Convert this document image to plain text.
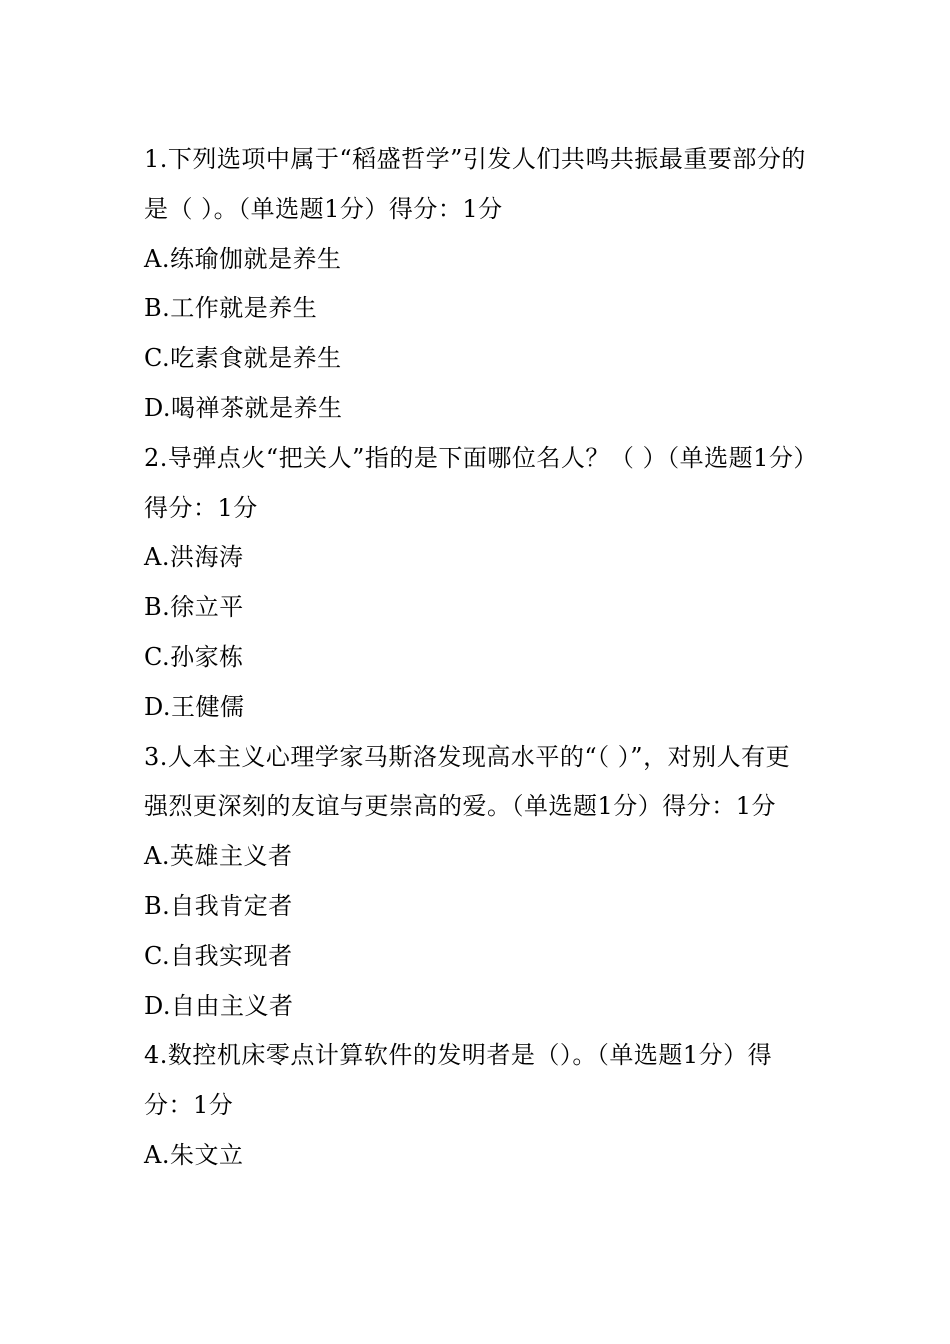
1.下列选项中属于“稻盛哲学”引发人们共鸣共振最重要部分的是（ ）。（单选题1分）得分：1分

A.练瑜伽就是养生

B.工作就是养生

C.吃素食就是养生

D.喝禅茶就是养生

2.导弹点火“把关人”指的是下面哪位名人？（ ）（单选题1分）得分：1分

A.洪海涛

B.徐立平

C.孙家栋

D.王健儒

3.人本主义心理学家马斯洛发现高水平的“（ ）”，对别人有更强烈更深刻的友谊与更崇高的爱。（单选题1分）得分：1分

A.英雄主义者

B.自我肯定者

C.自我实现者

D.自由主义者

4.数控机床零点计算软件的发明者是（）。（单选题1分）得分：1分

A.朱文立
